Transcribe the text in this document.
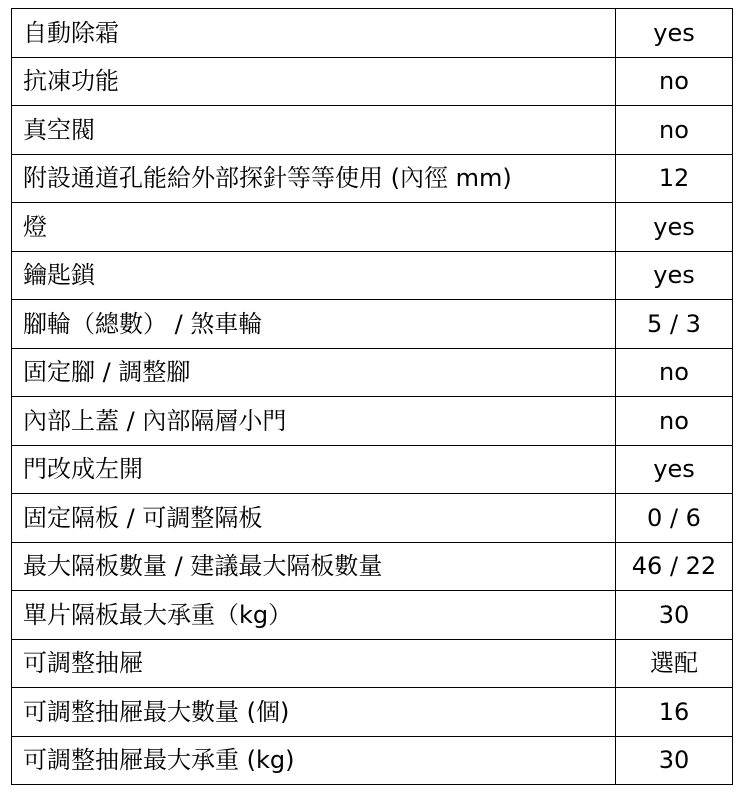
自動除霜	yes
抗凍功能	no
真空閥	no
附設通道孔能給外部探針等等使用 (內徑 mm)	12
燈	yes
鑰匙鎖	yes
腳輪（總數） / 煞車輪	5 / 3
固定腳 / 調整腳	no
內部上蓋 / 內部隔層小門	no
門改成左開	yes
固定隔板 / 可調整隔板	0 / 6
最大隔板數量 / 建議最大隔板數量	46 / 22
單片隔板最大承重（kg）	30
可調整抽屜	選配
可調整抽屜最大數量 (個)	16
可調整抽屜最大承重 (kg)	30
